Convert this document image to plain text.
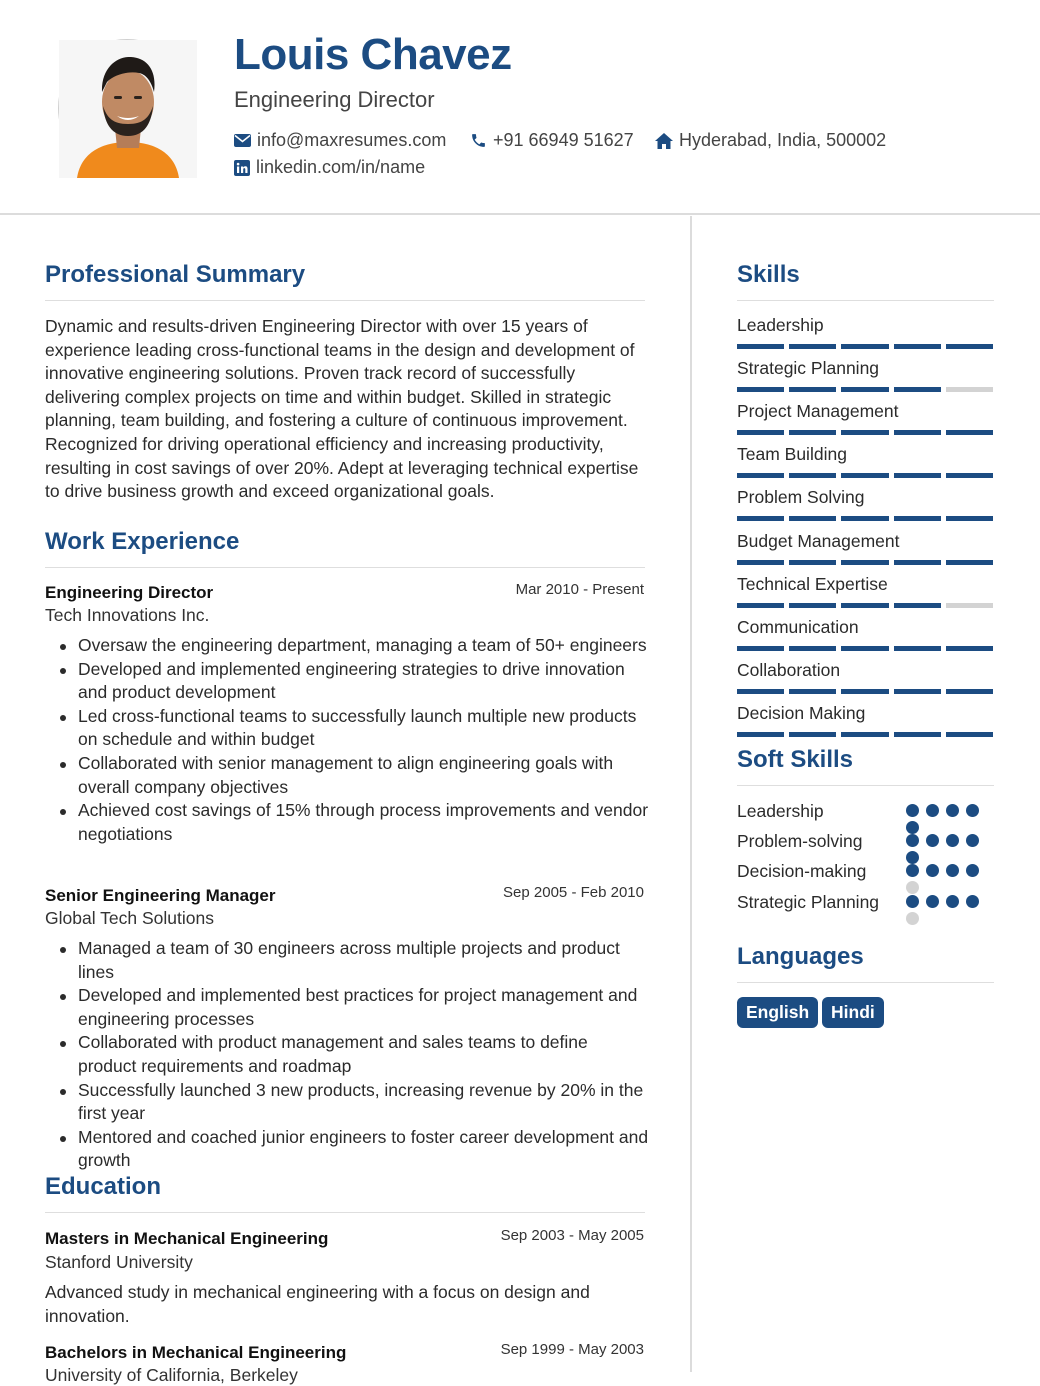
Louis Chavez
Engineering Director
info@maxresumes.com	+91 66949 51627	Hyderabad, India, 500002
linkedin.com/in/name
Professional Summary
Dynamic and results-driven Engineering Director with over 15 years of experience leading cross-functional teams in the design and development of innovative engineering solutions. Proven track record of successfully delivering complex projects on time and within budget. Skilled in strategic planning, team building, and fostering a culture of continuous improvement. Recognized for driving operational efficiency and increasing productivity, resulting in cost savings of over 20%. Adept at leveraging technical expertise to drive business growth and exceed organizational goals.
Work Experience
Engineering Director	Mar 2010 - Present
Tech Innovations Inc.
Oversaw the engineering department, managing a team of 50+ engineers
Developed and implemented engineering strategies to drive innovation and product development
Led cross-functional teams to successfully launch multiple new products on schedule and within budget
Collaborated with senior management to align engineering goals with overall company objectives
Achieved cost savings of 15% through process improvements and vendor negotiations
Senior Engineering Manager	Sep 2005 - Feb 2010
Global Tech Solutions
Managed a team of 30 engineers across multiple projects and product lines
Developed and implemented best practices for project management and engineering processes
Collaborated with product management and sales teams to define product requirements and roadmap
Successfully launched 3 new products, increasing revenue by 20% in the first year
Mentored and coached junior engineers to foster career development and growth
Education
Masters in Mechanical Engineering	Sep 2003 - May 2005
Stanford University
Advanced study in mechanical engineering with a focus on design and innovation.
Bachelors in Mechanical Engineering	Sep 1999 - May 2003
University of California, Berkeley
Skills
Leadership
Strategic Planning
Project Management
Team Building
Problem Solving
Budget Management
Technical Expertise
Communication
Collaboration
Decision Making
Soft Skills
Leadership
Problem-solving
Decision-making
Strategic Planning
Languages
English	Hindi
